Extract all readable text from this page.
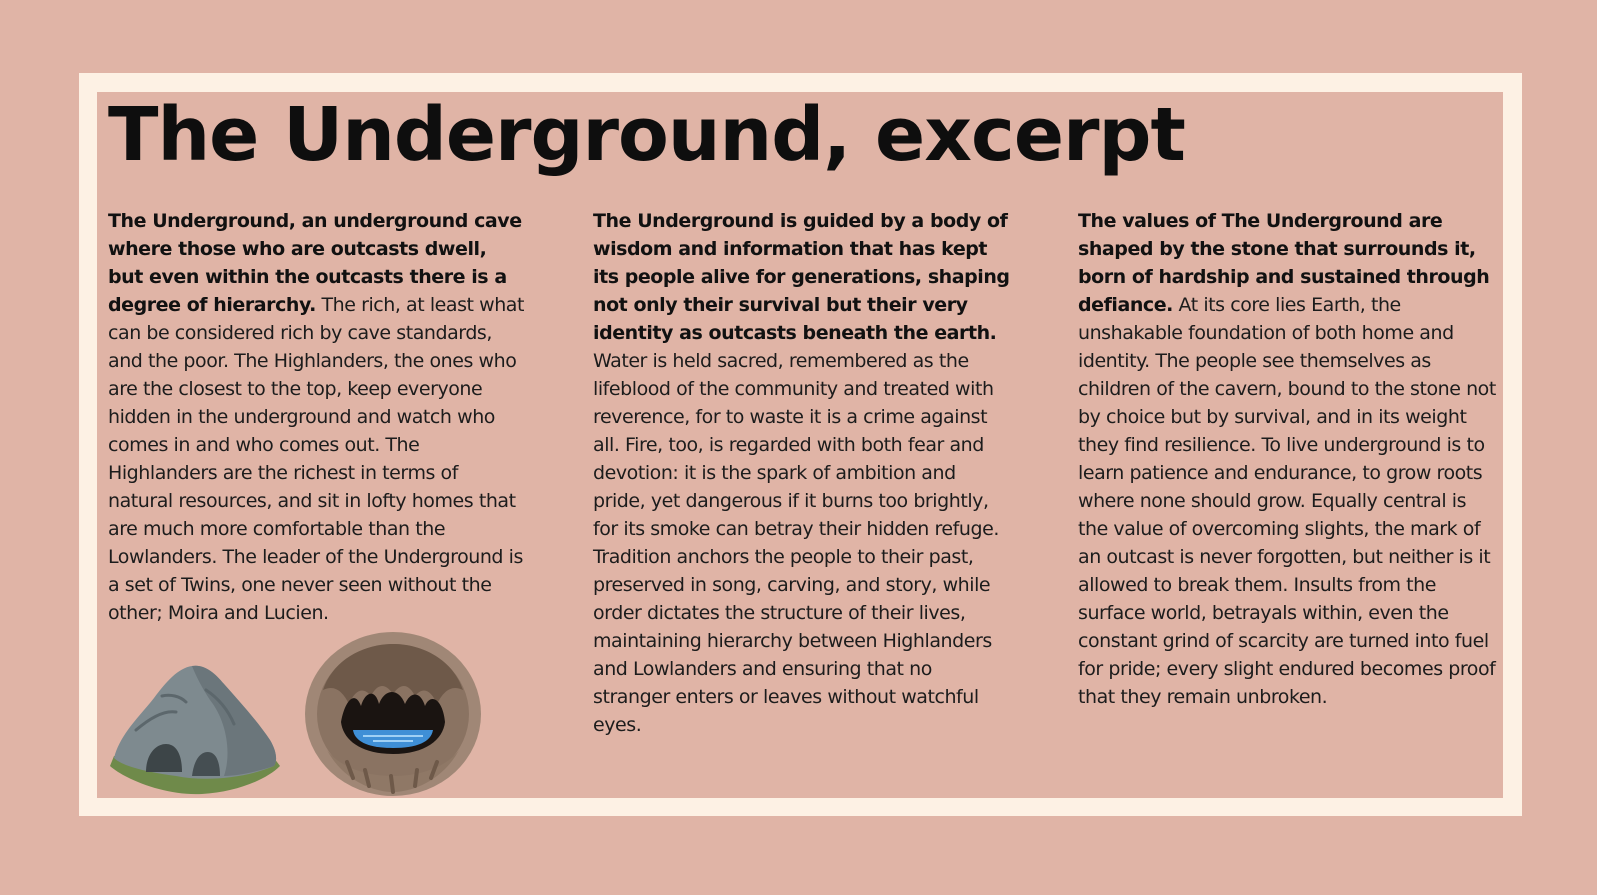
The Underground, excerpt

The Underground, an underground cave where those who are outcasts dwell, but even within the outcasts there is a degree of hierarchy. The rich, at least what can be considered rich by cave standards, and the poor. The Highlanders, the ones who are the closest to the top, keep everyone hidden in the underground and watch who comes in and who comes out. The Highlanders are the richest in terms of natural resources, and sit in lofty homes that are much more comfortable than the Lowlanders. The leader of the Underground is a set of Twins, one never seen without the other; Moira and Lucien.

The Underground is guided by a body of wisdom and information that has kept its people alive for generations, shaping not only their survival but their very identity as outcasts beneath the earth. Water is held sacred, remembered as the lifeblood of the community and treated with reverence, for to waste it is a crime against all. Fire, too, is regarded with both fear and devotion: it is the spark of ambition and pride, yet dangerous if it burns too brightly, for its smoke can betray their hidden refuge. Tradition anchors the people to their past, preserved in song, carving, and story, while order dictates the structure of their lives, maintaining hierarchy between Highlanders and Lowlanders and ensuring that no stranger enters or leaves without watchful eyes.

The values of The Underground are shaped by the stone that surrounds it, born of hardship and sustained through defiance. At its core lies Earth, the unshakable foundation of both home and identity. The people see themselves as children of the cavern, bound to the stone not by choice but by survival, and in its weight they find resilience. To live underground is to learn patience and endurance, to grow roots where none should grow. Equally central is the value of overcoming slights, the mark of an outcast is never forgotten, but neither is it allowed to break them. Insults from the surface world, betrayals within, even the constant grind of scarcity are turned into fuel for pride; every slight endured becomes proof that they remain unbroken.
